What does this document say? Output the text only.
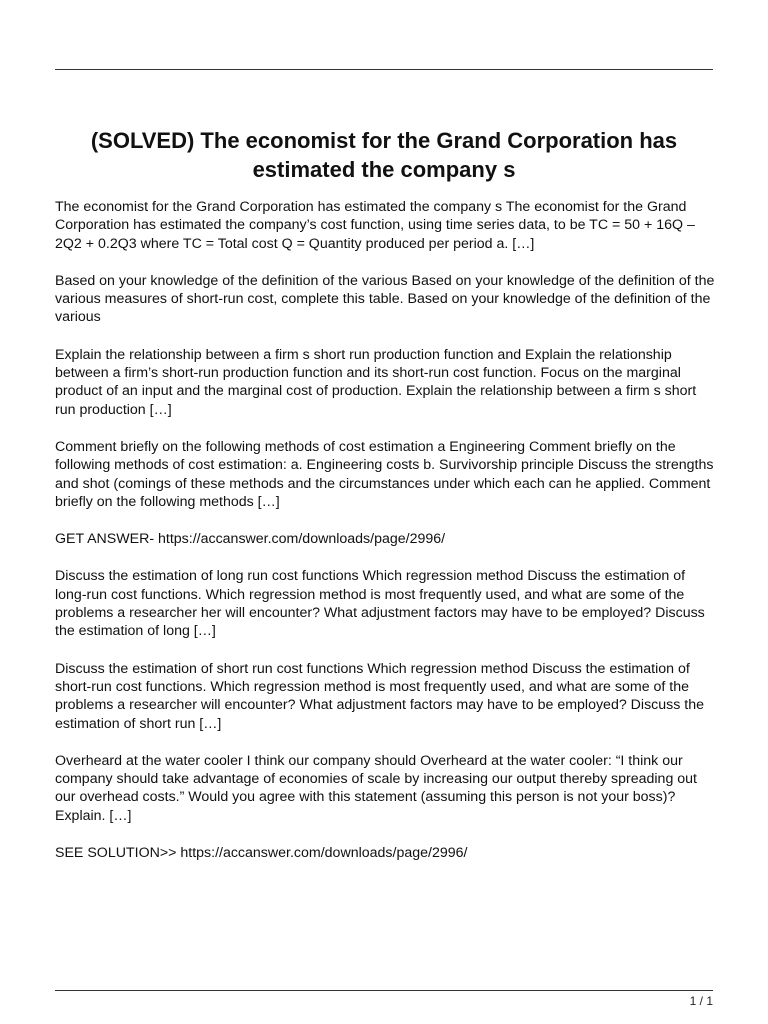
(SOLVED) The economist for the Grand Corporation has estimated the company s

The economist for the Grand Corporation has estimated the company s The economist for the Grand Corporation has estimated the company’s cost function, using time series data, to be TC = 50 + 16Q – 2Q2 + 0.2Q3 where TC = Total cost Q = Quantity produced per period a. […]

Based on your knowledge of the definition of the various Based on your knowledge of the definition of the various measures of short-run cost, complete this table. Based on your knowledge of the definition of the various

Explain the relationship between a firm s short run production function and Explain the relationship between a firm’s short-run production function and its short-run cost function. Focus on the marginal product of an input and the marginal cost of production. Explain the relationship between a firm s short run production […]

Comment briefly on the following methods of cost estimation a Engineering Comment briefly on the following methods of cost estimation: a. Engineering costs b. Survivorship principle Discuss the strengths and shot (comings of these methods and the circumstances under which each can he applied. Comment briefly on the following methods […]

GET ANSWER- https://accanswer.com/downloads/page/2996/

Discuss the estimation of long run cost functions Which regression method Discuss the estimation of long-run cost functions. Which regression method is most frequently used, and what are some of the problems a researcher her will encounter? What adjustment factors may have to be employed? Discuss the estimation of long […]

Discuss the estimation of short run cost functions Which regression method Discuss the estimation of short-run cost functions. Which regression method is most frequently used, and what are some of the problems a researcher will encounter? What adjustment factors may have to be employed? Discuss the estimation of short run […]

Overheard at the water cooler I think our company should Overheard at the water cooler: “I think our company should take advantage of economies of scale by increasing our output thereby spreading out our overhead costs.” Would you agree with this statement (assuming this person is not your boss)? Explain. […]

SEE SOLUTION>> https://accanswer.com/downloads/page/2996/

1 / 1
